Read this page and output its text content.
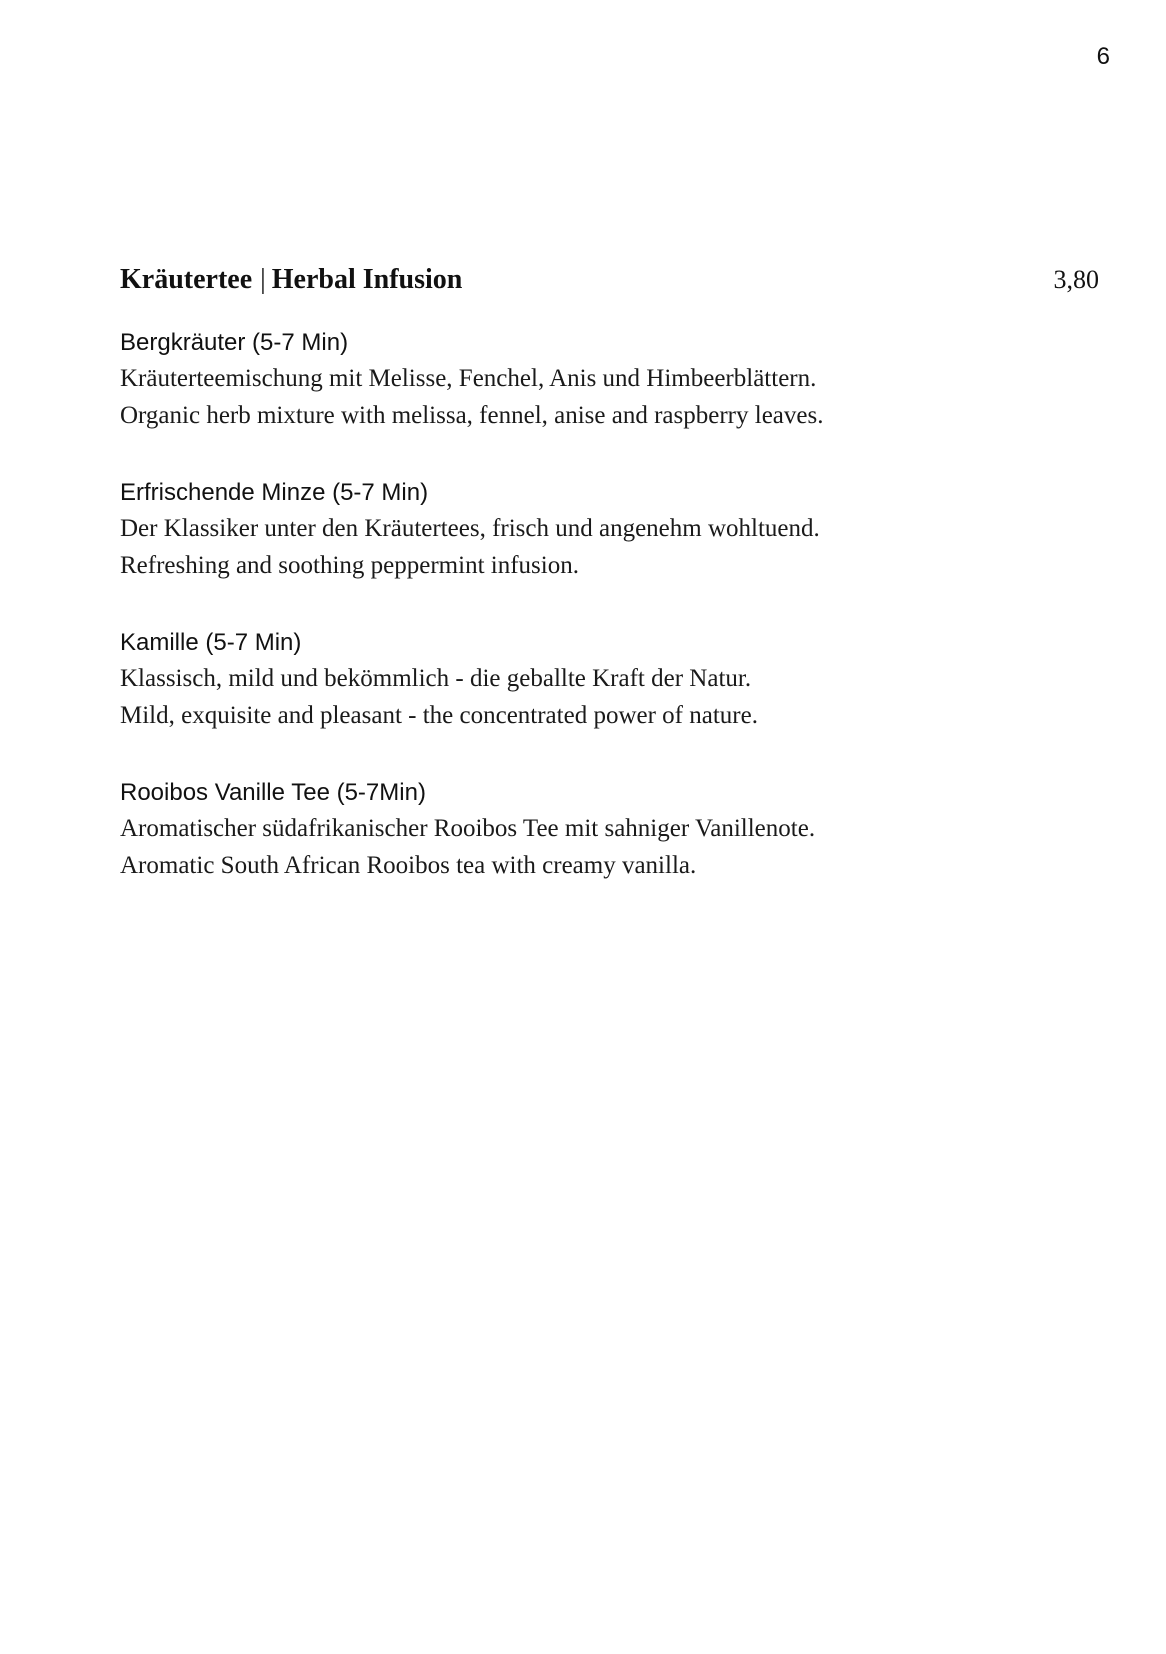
6
Kräutertee | Herbal Infusion	3,80
Bergkräuter (5-7 Min)
Kräuterteemischung mit Melisse, Fenchel, Anis und Himbeerblättern.
Organic herb mixture with melissa, fennel, anise and raspberry leaves.
Erfrischende Minze (5-7 Min)
Der Klassiker unter den Kräutertees, frisch und angenehm wohltuend.
Refreshing and soothing peppermint infusion.
Kamille (5-7 Min)
Klassisch, mild und bekömmlich - die geballte Kraft der Natur.
Mild, exquisite and pleasant - the concentrated power of nature.
Rooibos Vanille Tee (5-7Min)
Aromatischer südafrikanischer Rooibos Tee mit sahniger Vanillenote.
Aromatic South African Rooibos tea with creamy vanilla.
